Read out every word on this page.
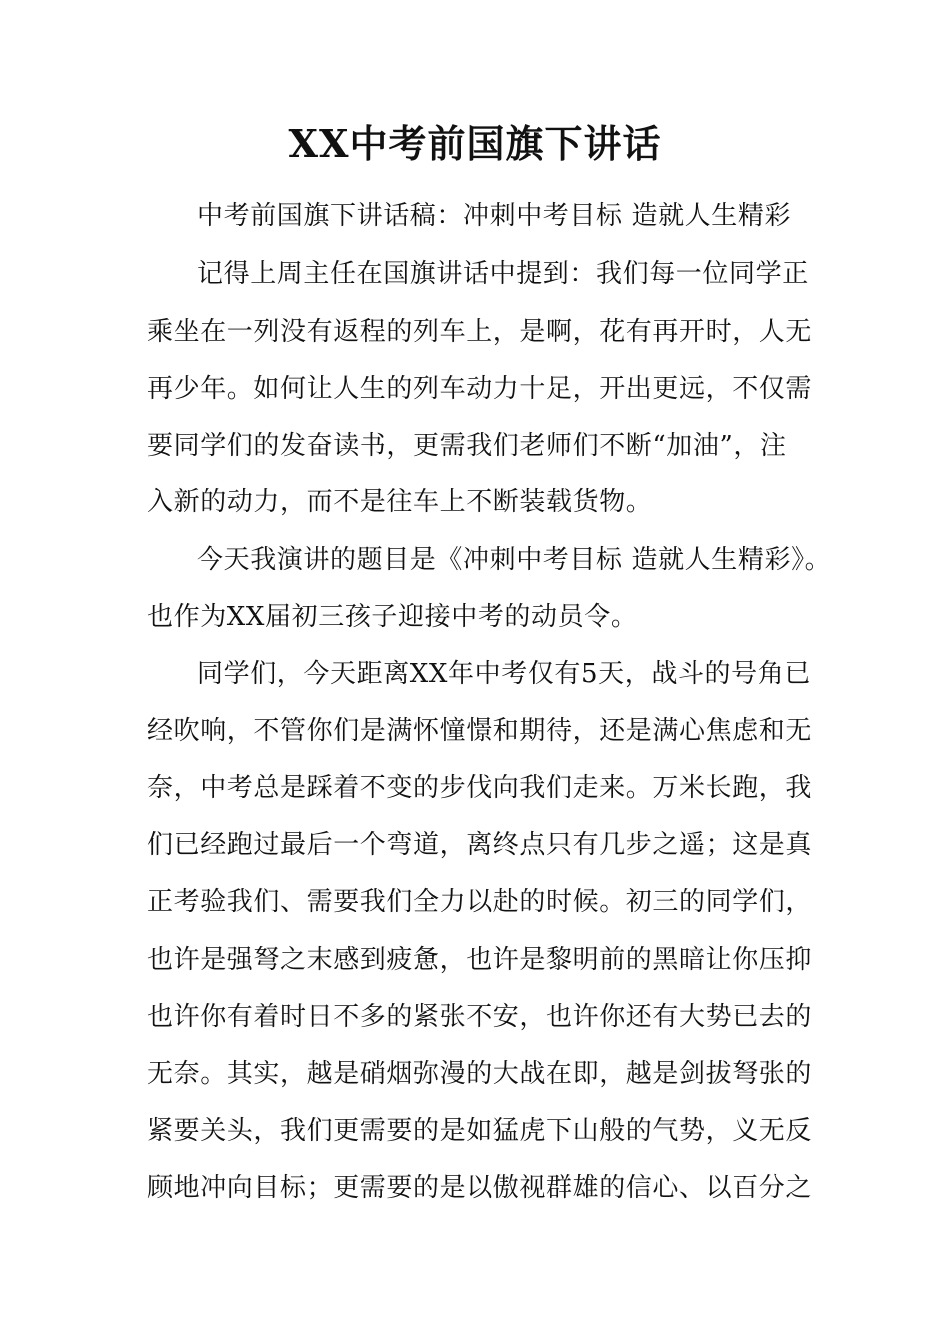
XX中考前国旗下讲话
中考前国旗下讲话稿：冲刺中考目标 造就人生精彩
记得上周主任在国旗讲话中提到：我们每一位同学正
乘坐在一列没有返程的列车上，是啊，花有再开时，人无
再少年。如何让人生的列车动力十足，开出更远，不仅需
要同学们的发奋读书，更需我们老师们不断“加油”，注
入新的动力，而不是往车上不断装载货物。
今天我演讲的题目是《冲刺中考目标 造就人生精彩》。
也作为XX届初三孩子迎接中考的动员令。
同学们，今天距离XX年中考仅有5天，战斗的号角已
经吹响，不管你们是满怀憧憬和期待，还是满心焦虑和无
奈，中考总是踩着不变的步伐向我们走来。万米长跑，我
们已经跑过最后一个弯道，离终点只有几步之遥；这是真
正考验我们、需要我们全力以赴的时候。初三的同学们，
也许是强弩之末感到疲惫，也许是黎明前的黑暗让你压抑
也许你有着时日不多的紧张不安，也许你还有大势已去的
无奈。其实，越是硝烟弥漫的大战在即，越是剑拔弩张的
紧要关头，我们更需要的是如猛虎下山般的气势，义无反
顾地冲向目标；更需要的是以傲视群雄的信心、以百分之
